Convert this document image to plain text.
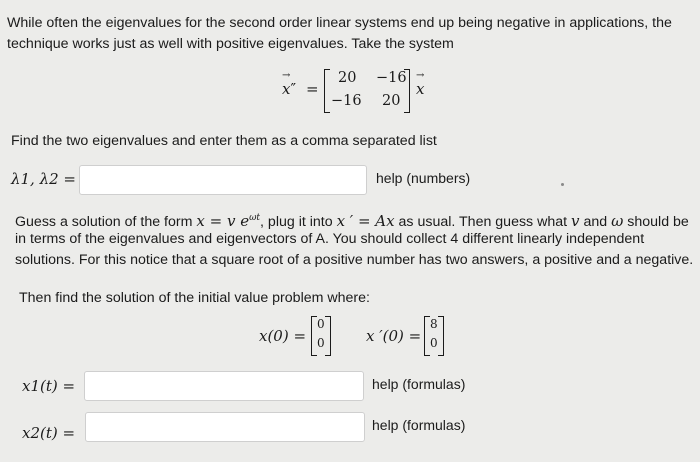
While often the eigenvalues for the second order linear systems end up being negative in applications, the
technique works just as well with positive eigenvalues. Take the system
x →″ =
20 −16
−16 20
x →
Find the two eigenvalues and enter them as a comma separated list
λ1, λ2 =	help (numbers)
Guess a solution of the form x = v $e^{\omega t}$, plug it into x ′ = Ax as usual. Then guess what v and ω should be
in terms of the eigenvalues and eigenvectors of A. You should collect 4 different linearly independent
solutions. For this notice that a square root of a positive number has two answers, a positive and a negative.
Then find the solution of the initial value problem where:
x(0) =
0
0	x ′(0) =
8
0
x1(t) =	help (formulas)
x2(t) =	help (formulas)
